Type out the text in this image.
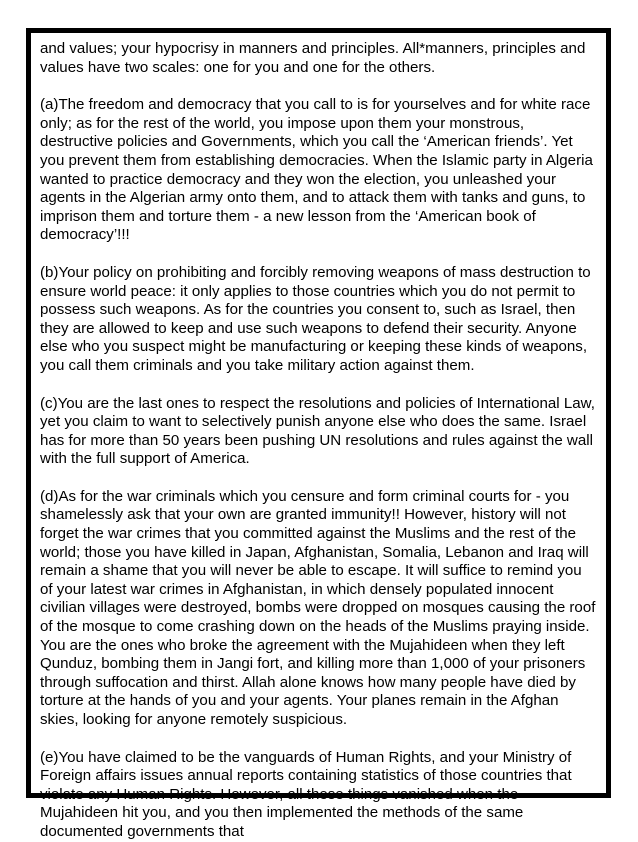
and values; your hypocrisy in manners and principles. All*manners, principles and values have two scales: one for you and one for the others.

(a)The freedom and democracy that you call to is for yourselves and for white race only; as for the rest of the world, you impose upon them your monstrous, destructive policies and Governments, which you call the ‘American friends’. Yet you prevent them from establishing democracies. When the Islamic party in Algeria wanted to practice democracy and they won the election, you unleashed your agents in the Algerian army onto them, and to attack them with tanks and guns, to imprison them and torture them - a new lesson from the ‘American book of democracy’!!!

(b)Your policy on prohibiting and forcibly removing weapons of mass destruction to ensure world peace: it only applies to those countries which you do not permit to possess such weapons. As for the countries you consent to, such as Israel, then they are allowed to keep and use such weapons to defend their security. Anyone else who you suspect might be manufacturing or keeping these kinds of weapons, you call them criminals and you take military action against them.

(c)You are the last ones to respect the resolutions and policies of International Law, yet you claim to want to selectively punish anyone else who does the same. Israel has for more than 50 years been pushing UN resolutions and rules against the wall with the full support of America.

(d)As for the war criminals which you censure and form criminal courts for - you shamelessly ask that your own are granted immunity!! However, history will not forget the war crimes that you committed against the Muslims and the rest of the world; those you have killed in Japan, Afghanistan, Somalia, Lebanon and Iraq will remain a shame that you will never be able to escape. It will suffice to remind you of your latest war crimes in Afghanistan, in which densely populated innocent civilian villages were destroyed, bombs were dropped on mosques causing the roof of the mosque to come crashing down on the heads of the Muslims praying inside. You are the ones who broke the agreement with the Mujahideen when they left Qunduz, bombing them in Jangi fort, and killing more than 1,000 of your prisoners through suffocation and thirst. Allah alone knows how many people have died by torture at the hands of you and your agents. Your planes remain in the Afghan skies, looking for anyone remotely suspicious.

(e)You have claimed to be the vanguards of Human Rights, and your Ministry of Foreign affairs issues annual reports containing statistics of those countries that violate any Human Rights. However, all these things vanished when the Mujahideen hit you, and you then implemented the methods of the same documented governments that
